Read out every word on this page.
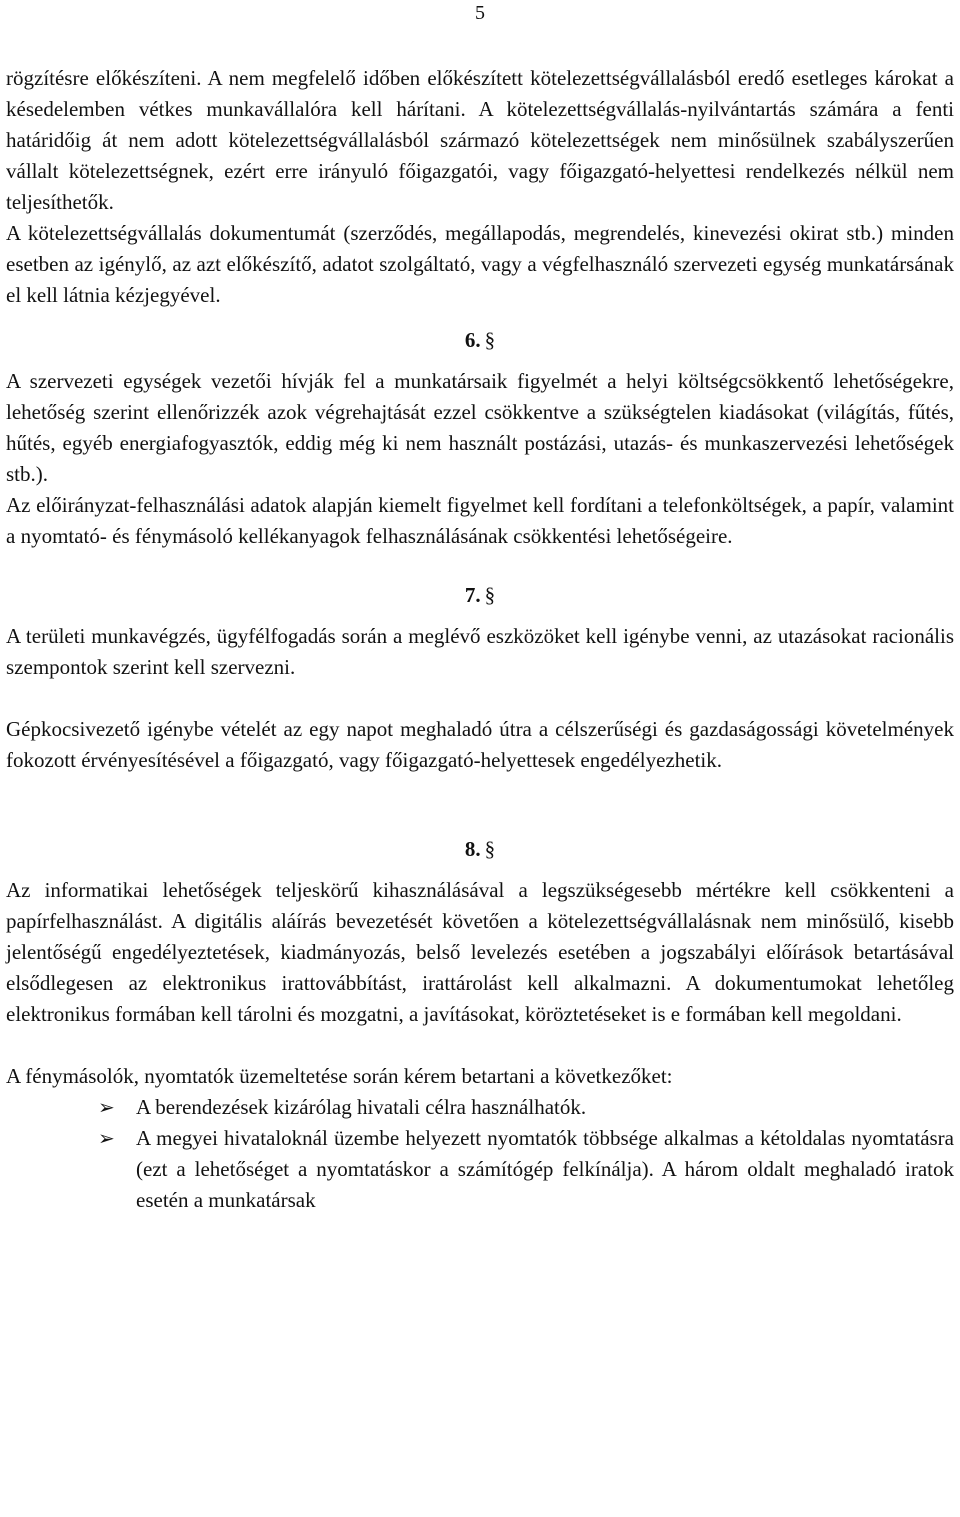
5

rögzítésre előkészíteni. A nem megfelelő időben előkészített kötelezettségvállalásból eredő esetleges károkat a késedelemben vétkes munkavállalóra kell hárítani. A kötelezettségvállalás-nyilvántartás számára a fenti határidőig át nem adott kötelezettségvállalásból származó kötelezettségek nem minősülnek szabályszerűen vállalt kötelezettségnek, ezért erre irányuló főigazgatói, vagy főigazgató-helyettesi rendelkezés nélkül nem teljesíthetők.

A kötelezettségvállalás dokumentumát (szerződés, megállapodás, megrendelés, kinevezési okirat stb.) minden esetben az igénylő, az azt előkészítő, adatot szolgáltató, vagy a végfelhasználó szervezeti egység munkatársának el kell látnia kézjegyével.

6. §

A szervezeti egységek vezetői hívják fel a munkatársaik figyelmét a helyi költségcsökkentő lehetőségekre, lehetőség szerint ellenőrizzék azok végrehajtását ezzel csökkentve a szükségtelen kiadásokat (világítás, fűtés, hűtés, egyéb energiafogyasztók, eddig még ki nem használt postázási, utazás- és munkaszervezési lehetőségek stb.).

Az előirányzat-felhasználási adatok alapján kiemelt figyelmet kell fordítani a telefonköltségek, a papír, valamint a nyomtató- és fénymásoló kellékanyagok felhasználásának csökkentési lehetőségeire.

7. §

A területi munkavégzés, ügyfélfogadás során a meglévő eszközöket kell igénybe venni, az utazásokat racionális szempontok szerint kell szervezni.

Gépkocsivezető igénybe vételét az egy napot meghaladó útra a célszerűségi és gazdaságossági követelmények fokozott érvényesítésével a főigazgató, vagy főigazgató-helyettesek engedélyezhetik.

8. §

Az informatikai lehetőségek teljeskörű kihasználásával a legszükségesebb mértékre kell csökkenteni a papírfelhasználást. A digitális aláírás bevezetését követően a kötelezettségvállalásnak nem minősülő, kisebb jelentőségű engedélyeztetések, kiadmányozás, belső levelezés esetében a jogszabályi előírások betartásával elsődlegesen az elektronikus irattovábbítást, irattárolást kell alkalmazni. A dokumentumokat lehetőleg elektronikus formában kell tárolni és mozgatni, a javításokat, köröztetéseket is e formában kell megoldani.

A fénymásolók, nyomtatók üzemeltetése során kérem betartani a következőket:

➢ A berendezések kizárólag hivatali célra használhatók.
➢ A megyei hivataloknál üzembe helyezett nyomtatók többsége alkalmas a kétoldalas nyomtatásra (ezt a lehetőséget a nyomtatáskor a számítógép felkínálja). A három oldalt meghaladó iratok esetén a munkatársak
